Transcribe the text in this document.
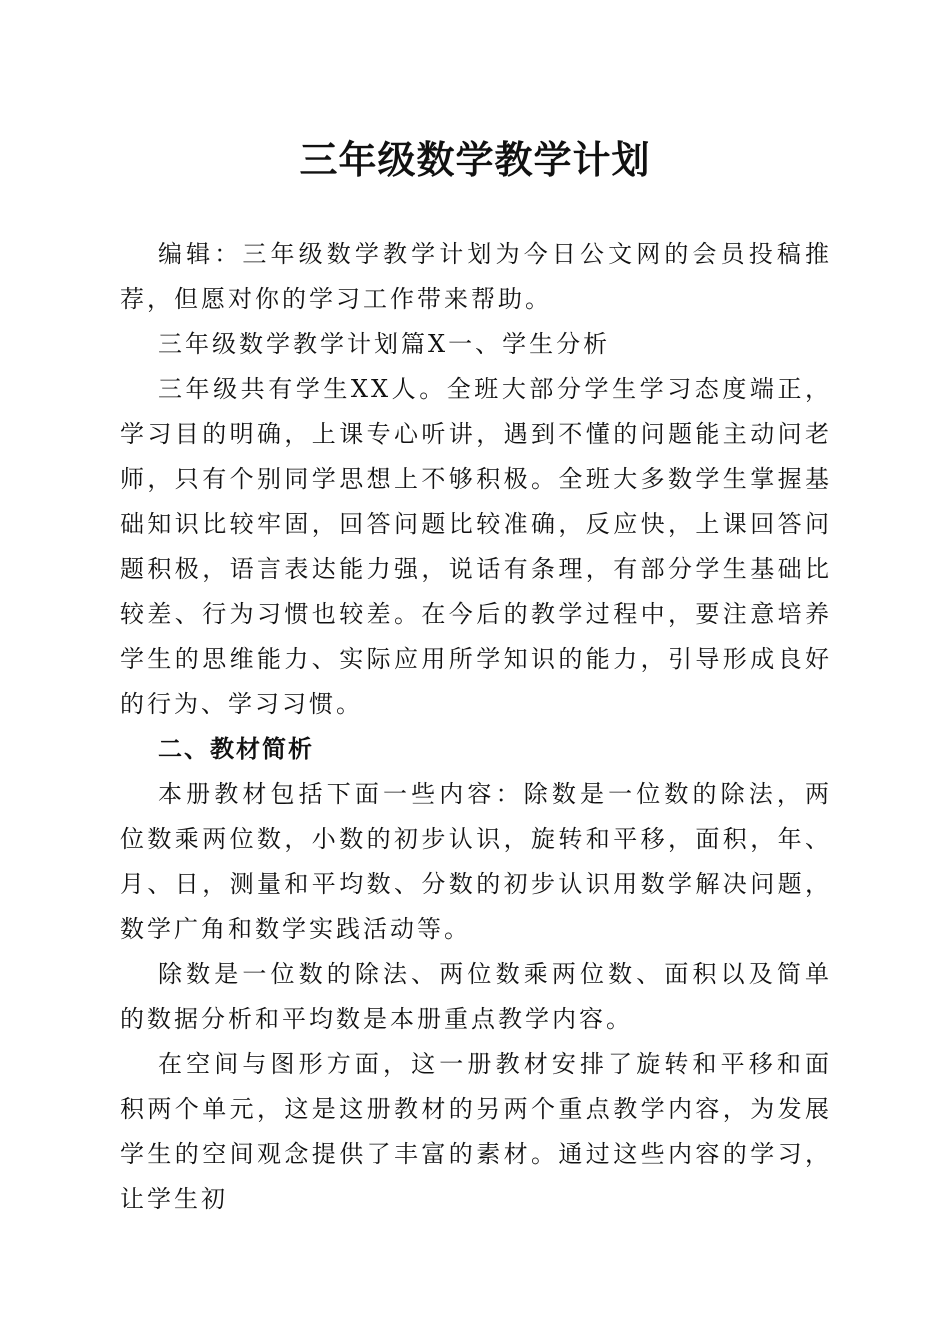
三年级数学教学计划

编辑：三年级数学教学计划为今日公文网的会员投稿推荐，但愿对你的学习工作带来帮助。

三年级数学教学计划篇X一、学生分析

三年级共有学生XX人。全班大部分学生学习态度端正，学习目的明确，上课专心听讲，遇到不懂的问题能主动问老师，只有个别同学思想上不够积极。全班大多数学生掌握基础知识比较牢固，回答问题比较准确，反应快，上课回答问题积极，语言表达能力强，说话有条理，有部分学生基础比较差、行为习惯也较差。在今后的教学过程中，要注意培养学生的思维能力、实际应用所学知识的能力，引导形成良好的行为、学习习惯。

二、教材简析

本册教材包括下面一些内容：除数是一位数的除法，两位数乘两位数，小数的初步认识，旋转和平移，面积，年、月、日，测量和平均数、分数的初步认识用数学解决问题，数学广角和数学实践活动等。

除数是一位数的除法、两位数乘两位数、面积以及简单的数据分析和平均数是本册重点教学内容。

在空间与图形方面，这一册教材安排了旋转和平移和面积两个单元，这是这册教材的另两个重点教学内容，为发展学生的空间观念提供了丰富的素材。通过这些内容的学习，让学生初
